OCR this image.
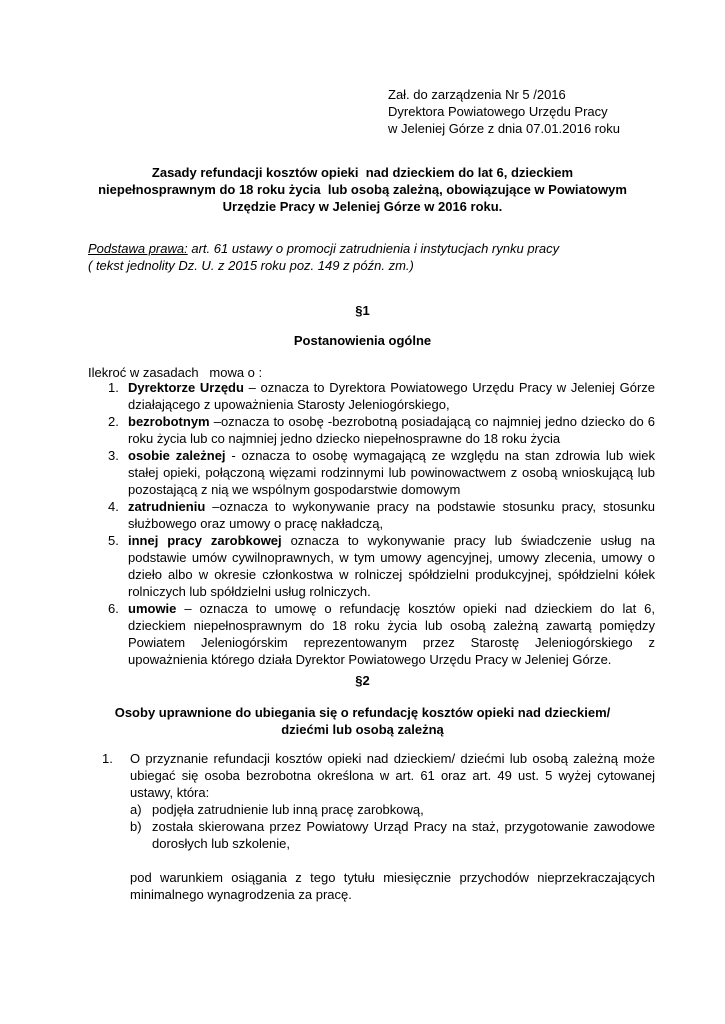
Zał. do zarządzenia Nr 5 /2016
Dyrektora Powiatowego Urzędu Pracy
w Jeleniej Górze z dnia 07.01.2016 roku
Zasady refundacji kosztów opieki  nad dzieckiem do lat 6, dzieckiem
niepełnosprawnym do 18 roku życia  lub osobą zależną, obowiązujące w Powiatowym
Urzędzie Pracy w Jeleniej Górze w 2016 roku.
Podstawa prawa: art. 61 ustawy o promocji zatrudnienia i instytucjach rynku pracy
( tekst jednolity Dz. U. z 2015 roku poz. 149 z późn. zm.)
§1
Postanowienia ogólne
Ilekroć w zasadach   mowa o :
1. Dyrektorze Urzędu – oznacza to Dyrektora Powiatowego Urzędu Pracy w Jeleniej Górze działającego z upoważnienia Starosty Jeleniogórskiego,
2. bezrobotnym –oznacza to osobę -bezrobotną posiadającą co najmniej jedno dziecko do 6 roku życia lub co najmniej jedno dziecko niepełnosprawne do 18 roku życia
3. osobie zależnej - oznacza to osobę wymagającą ze względu na stan zdrowia lub wiek stałej opieki, połączoną więzami rodzinnymi lub powinowactwem z osobą wnioskującą lub pozostającą z nią we wspólnym gospodarstwie domowym
4. zatrudnieniu –oznacza to wykonywanie pracy na podstawie stosunku pracy, stosunku służbowego oraz umowy o pracę nakładczą,
5. innej pracy zarobkowej oznacza to wykonywanie pracy lub świadczenie usług na podstawie umów cywilnoprawnych, w tym umowy agencyjnej, umowy zlecenia, umowy o dzieło albo w okresie członkostwa w rolniczej spółdzielni produkcyjnej, spółdzielni kółek rolniczych lub spółdzielni usług rolniczych.
6. umowie – oznacza to umowę o refundację kosztów opieki nad dzieckiem do lat 6, dzieckiem niepełnosprawnym do 18 roku życia lub osobą zależną zawartą pomiędzy Powiatem Jeleniogórskim reprezentowanym przez Starostę Jeleniogórskiego z upoważnienia którego działa Dyrektor Powiatowego Urzędu Pracy w Jeleniej Górze.
§2
Osoby uprawnione do ubiegania się o refundację kosztów opieki nad dzieckiem/
dziećmi lub osobą zależną
1. O przyznanie refundacji kosztów opieki nad dzieckiem/ dziećmi lub osobą zależną może ubiegać się osoba bezrobotna określona w art. 61 oraz art. 49 ust. 5 wyżej cytowanej ustawy, która:
a) podjęła zatrudnienie lub inną pracę zarobkową,
b) została skierowana przez Powiatowy Urząd Pracy na staż, przygotowanie zawodowe dorosłych lub szkolenie,
pod warunkiem osiągania z tego tytułu miesięcznie przychodów nieprzekraczających minimalnego wynagrodzenia za pracę.
